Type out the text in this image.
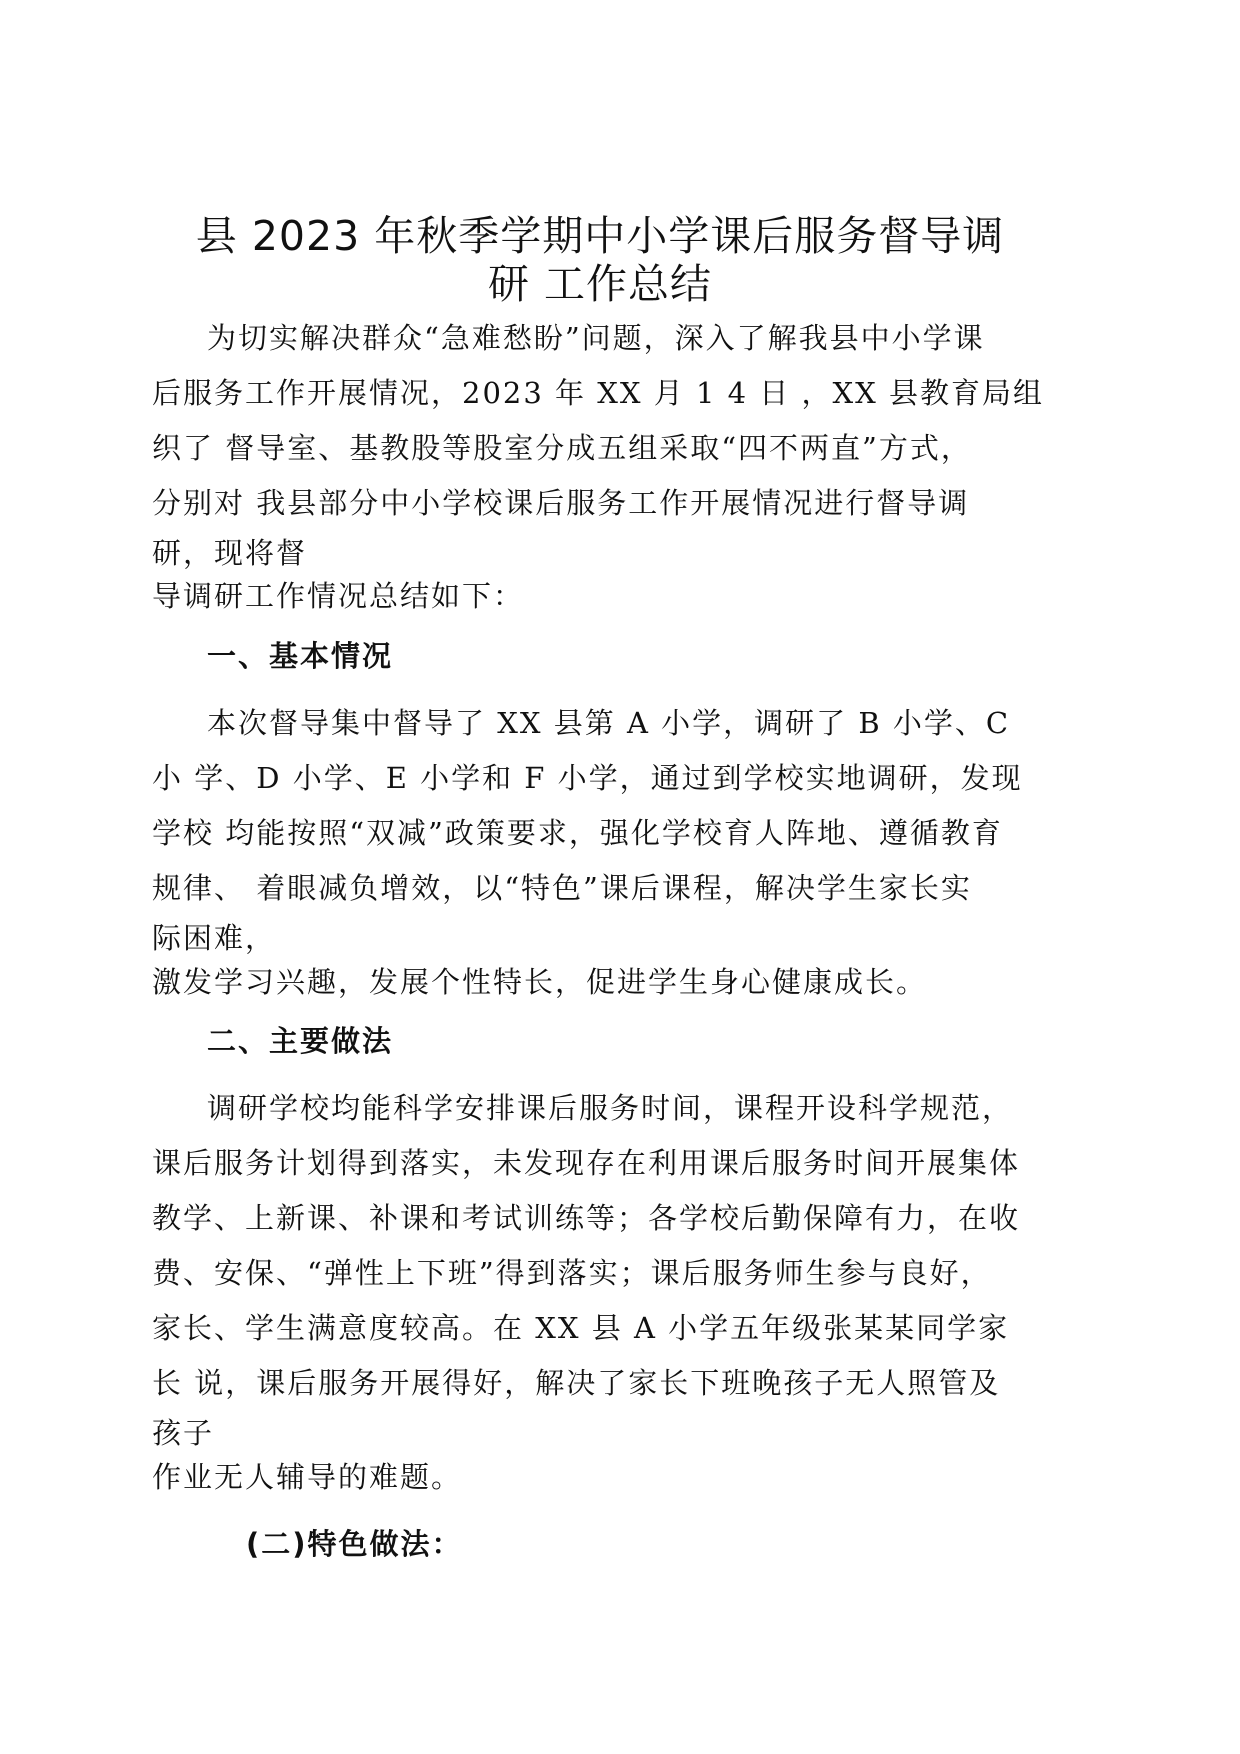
县 2023 年秋季学期中小学课后服务督导调
研 工作总结
为切实解决群众“急难愁盼”问题，深入了解我县中小学课
后服务工作开展情况，2023 年 XX 月 1 4 日 ，XX 县教育局组
织了 督导室、基教股等股室分成五组采取“四不两直”方式，
分别对 我县部分中小学校课后服务工作开展情况进行督导调
研，现将督
导调研工作情况总结如下：
一、基本情况
本次督导集中督导了 XX 县第 A 小学，调研了 B 小学、C
小 学、D 小学、E 小学和 F 小学，通过到学校实地调研，发现
学校 均能按照“双减”政策要求，强化学校育人阵地、遵循教育
规律、 着眼减负增效，以“特色”课后课程，解决学生家长实
际困难，
激发学习兴趣，发展个性特长，促进学生身心健康成长。
二、主要做法
调研学校均能科学安排课后服务时间，课程开设科学规范，
课后服务计划得到落实，未发现存在利用课后服务时间开展集体
教学、上新课、补课和考试训练等；各学校后勤保障有力，在收
费、安保、“弹性上下班”得到落实；课后服务师生参与良好，
家长、学生满意度较高。在 XX 县 A 小学五年级张某某同学家
长 说，课后服务开展得好，解决了家长下班晚孩子无人照管及
孩子
作业无人辅导的难题。
(二)特色做法：
